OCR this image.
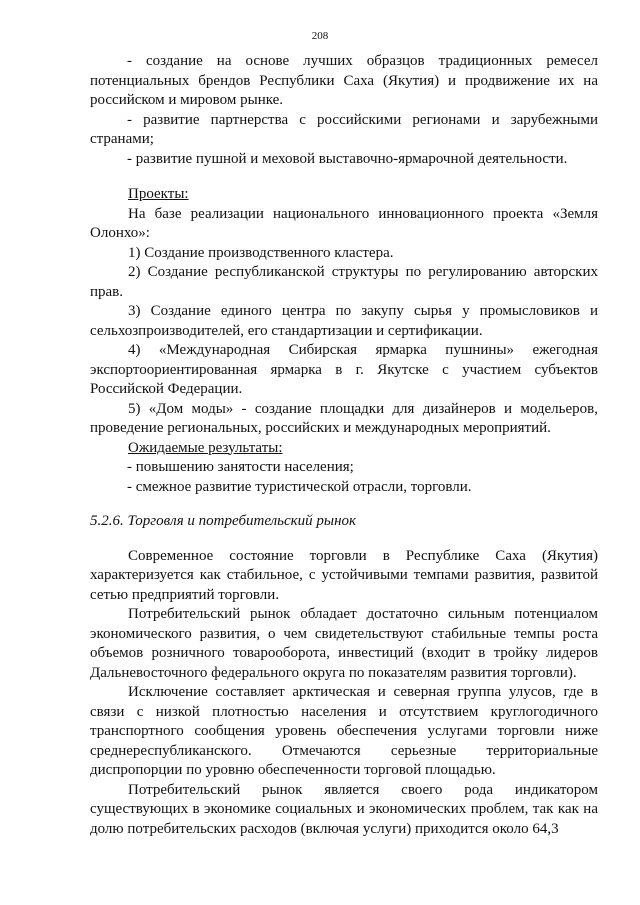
208

- создание на основе лучших образцов традиционных ремесел потенциальных брендов Республики Саха (Якутия) и продвижение их на российском и мировом рынке.

- развитие партнерства с российскими регионами и зарубежными странами;

- развитие пушной и меховой выставочно-ярмарочной деятельности.

Проекты:

На базе реализации национального инновационного проекта «Земля Олонхо»:

1) Создание производственного кластера.

2) Создание республиканской структуры по регулированию авторских прав.

3) Создание единого центра по закупу сырья у промысловиков и сельхозпроизводителей, его стандартизации и сертификации.

4) «Международная Сибирская ярмарка пушнины» ежегодная экспортоориентированная ярмарка в г. Якутске с участием субъектов Российской Федерации.

5) «Дом моды» - создание площадки для дизайнеров и модельеров, проведение региональных, российских и международных мероприятий.

Ожидаемые результаты:

- повышению занятости населения;

- смежное развитие туристической отрасли, торговли.

5.2.6. Торговля и потребительский рынок

Современное состояние торговли в Республике Саха (Якутия) характеризуется как стабильное, с устойчивыми темпами развития, развитой сетью предприятий торговли.

Потребительский рынок обладает достаточно сильным потенциалом экономического развития, о чем свидетельствуют стабильные темпы роста объемов розничного товарооборота, инвестиций (входит в тройку лидеров Дальневосточного федерального округа по показателям развития торговли).

Исключение составляет арктическая и северная группа улусов, где в связи с низкой плотностью населения и отсутствием круглогодичного транспортного сообщения уровень обеспечения услугами торговли ниже среднереспубликанского. Отмечаются серьезные территориальные диспропорции по уровню обеспеченности торговой площадью.

Потребительский рынок является своего рода индикатором существующих в экономике социальных и экономических проблем, так как на долю потребительских расходов (включая услуги) приходится около 64,3
